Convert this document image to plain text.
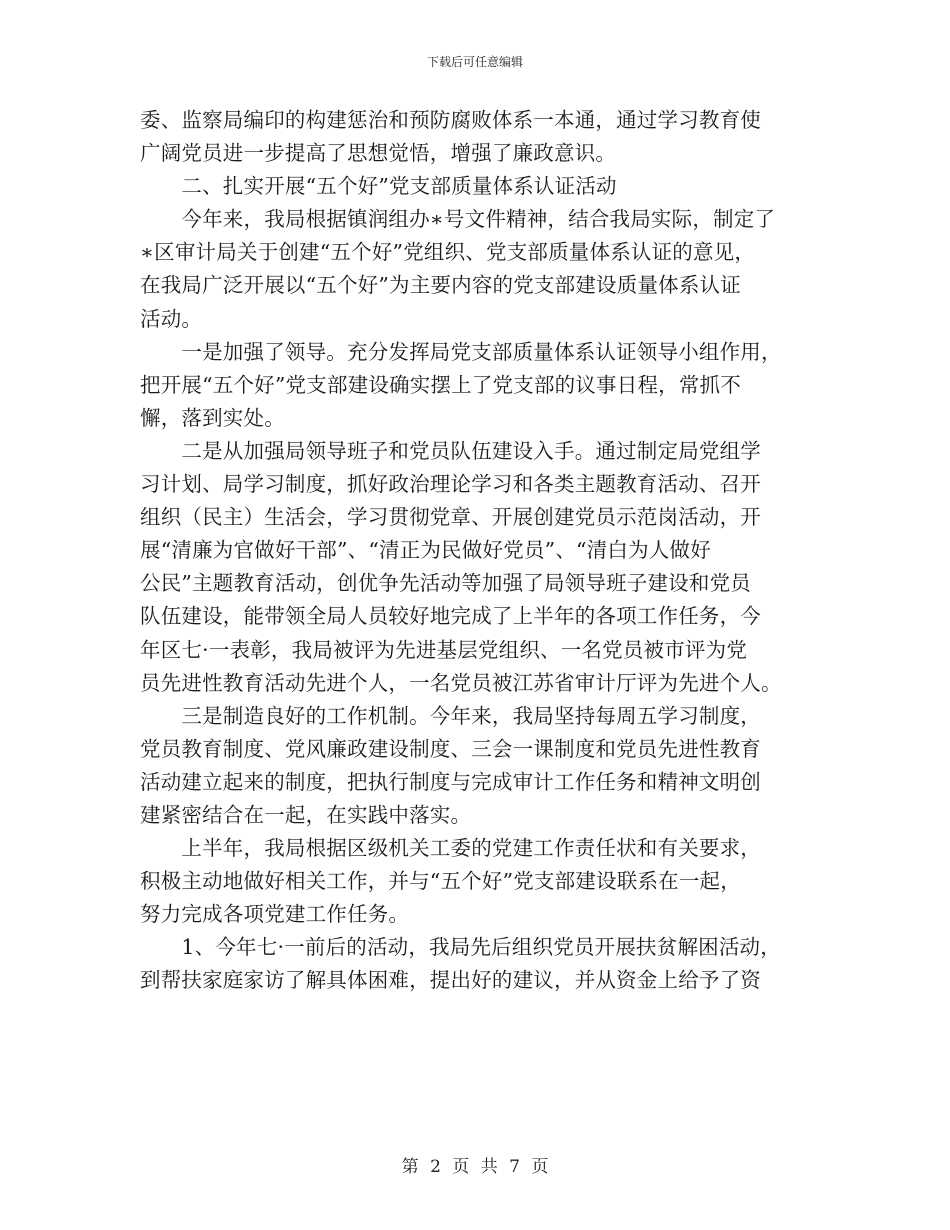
下载后可任意编辑
委、监察局编印的构建惩治和预防腐败体系一本通，通过学习教育使
广阔党员进一步提高了思想觉悟，增强了廉政意识。
　　二、扎实开展“五个好”党支部质量体系认证活动
　　今年来，我局根据镇润组办∗号文件精神，结合我局实际，制定了
∗区审计局关于创建“五个好”党组织、党支部质量体系认证的意见，
在我局广泛开展以“五个好”为主要内容的党支部建设质量体系认证
活动。
　　一是加强了领导。充分发挥局党支部质量体系认证领导小组作用，
把开展“五个好”党支部建设确实摆上了党支部的议事日程，常抓不
懈，落到实处。
　　二是从加强局领导班子和党员队伍建设入手。通过制定局党组学
习计划、局学习制度，抓好政治理论学习和各类主题教育活动、召开
组织（民主）生活会，学习贯彻党章、开展创建党员示范岗活动，开
展“清廉为官做好干部”、“清正为民做好党员”、“清白为人做好
公民”主题教育活动，创优争先活动等加强了局领导班子建设和党员
队伍建设，能带领全局人员较好地完成了上半年的各项工作任务，今
年区七·一表彰，我局被评为先进基层党组织、一名党员被市评为党
员先进性教育活动先进个人，一名党员被江苏省审计厅评为先进个人。
　　三是制造良好的工作机制。今年来，我局坚持每周五学习制度，
党员教育制度、党风廉政建设制度、三会一课制度和党员先进性教育
活动建立起来的制度，把执行制度与完成审计工作任务和精神文明创
建紧密结合在一起，在实践中落实。
　　上半年，我局根据区级机关工委的党建工作责任状和有关要求，
积极主动地做好相关工作，并与“五个好”党支部建设联系在一起，
努力完成各项党建工作任务。
　　1、今年七·一前后的活动，我局先后组织党员开展扶贫解困活动，
到帮扶家庭家访了解具体困难，提出好的建议，并从资金上给予了资
第 2 页 共 7 页
